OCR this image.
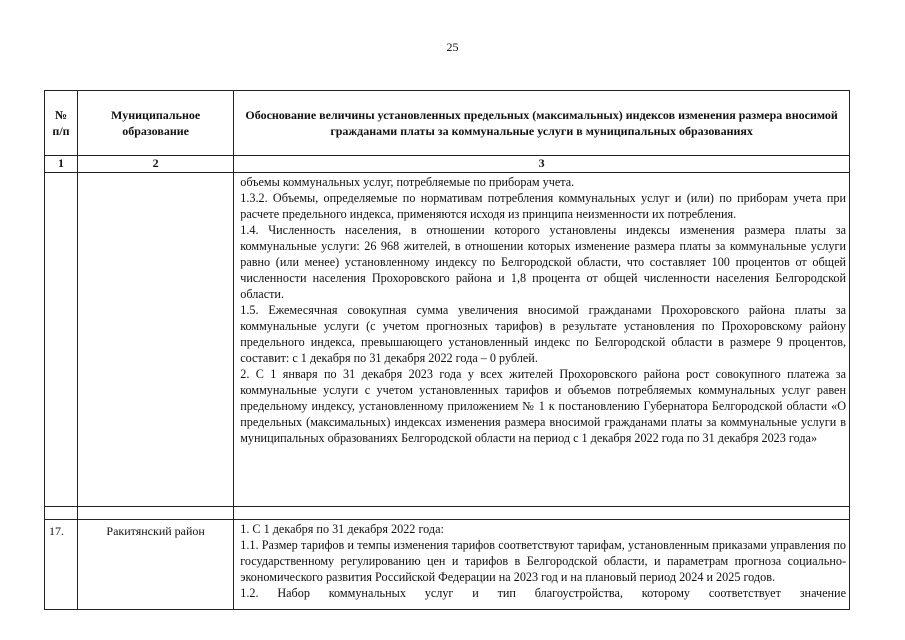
25
№ п/п	Муниципальное образование	Обоснование величины установленных предельных (максимальных) индексов изменения размера вносимой гражданами платы за коммунальные услуги в муниципальных образованиях
1	2	3

		объемы коммунальных услуг, потребляемые по приборам учета.

1.3.2. Объемы, определяемые по нормативам потребления коммунальных услуг и (или) по приборам учета при расчете предельного индекса, применяются исходя из принципа неизменности их потребления.

1.4. Численность населения, в отношении которого установлены индексы изменения размера платы за коммунальные услуги: 26 968 жителей, в отношении которых изменение размера платы за коммунальные услуги равно (или менее) установленному индексу по Белгородской области, что составляет 100 процентов от общей численности населения Прохоровского района и 1,8 процента от общей численности населения Белгородской области.

1.5. Ежемесячная совокупная сумма увеличения вносимой гражданами Прохоровского района платы за коммунальные услуги (с учетом прогнозных тарифов) в результате установления по Прохоровскому району предельного индекса, превышающего установленный индекс по Белгородской области в размере 9 процентов, составит: с 1 декабря по 31 декабря 2022 года – 0 рублей.

2. С 1 января по 31 декабря 2023 года у всех жителей Прохоровского района рост совокупного платежа за коммунальные услуги с учетом установленных тарифов и объемов потребляемых коммунальных услуг равен предельному индексу, установленному приложением № 1 к постановлению Губернатора Белгородской области «О предельных (максимальных) индексах изменения размера вносимой гражданами платы за коммунальные услуги в муниципальных образованиях Белгородской области на период с 1 декабря 2022 года по 31 декабря 2023 года»

17.	Ракитянский район	1. С 1 декабря по 31 декабря 2022 года:

1.1. Размер тарифов и темпы изменения тарифов соответствуют тарифам, установленным приказами управления по государственному регулированию цен и тарифов в Белгородской области, и параметрам прогноза социально-экономического развития Российской Федерации на 2023 год и на плановый период 2024 и 2025 годов.

1.2. Набор коммунальных услуг и тип благоустройства, которому соответствует значение
